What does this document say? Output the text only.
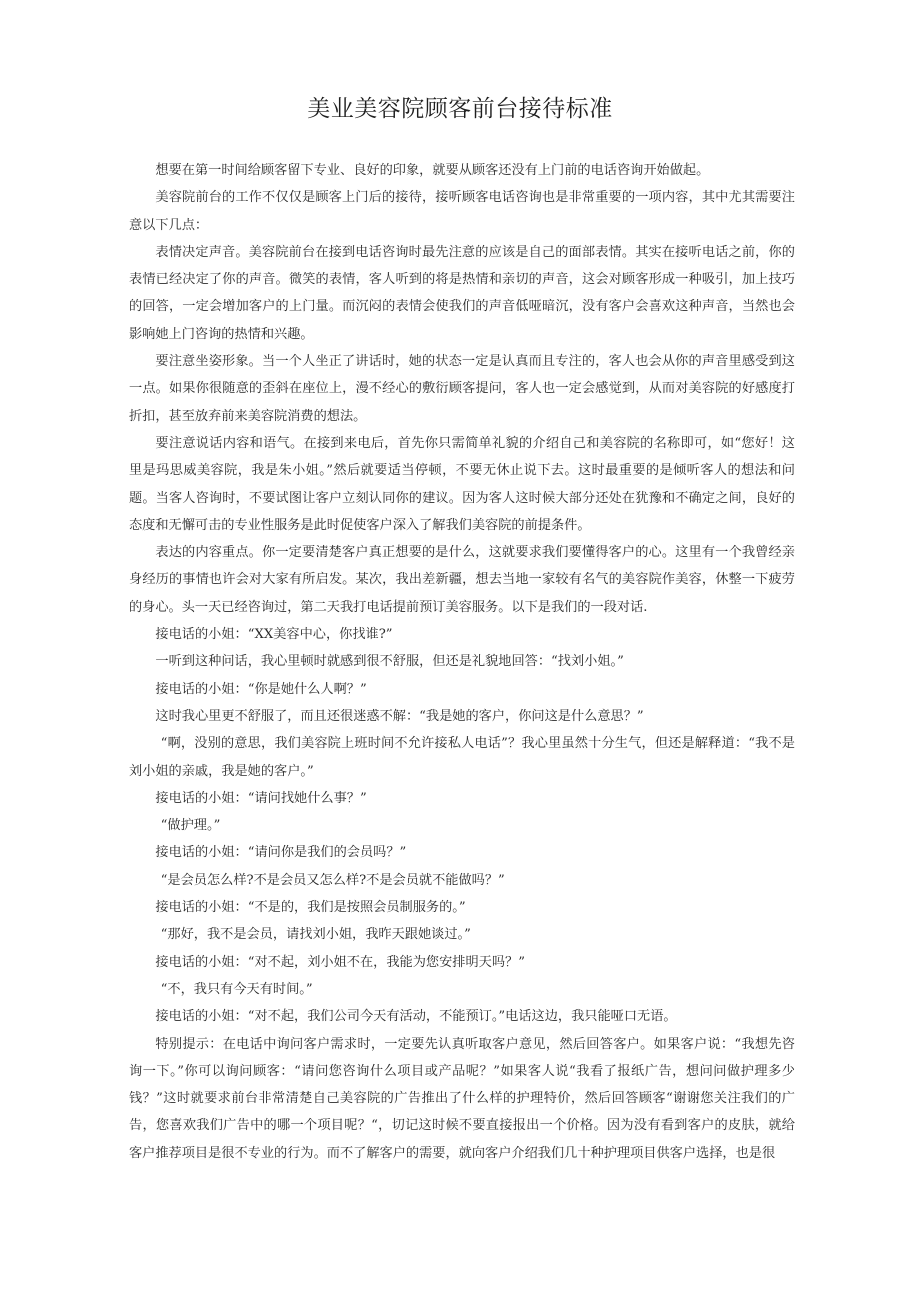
美业美容院顾客前台接待标准

想要在第一时间给顾客留下专业、良好的印象，就要从顾客还没有上门前的电话咨询开始做起。

美容院前台的工作不仅仅是顾客上门后的接待，接听顾客电话咨询也是非常重要的一项内容，其中尤其需要注意以下几点：

表情决定声音。美容院前台在接到电话咨询时最先注意的应该是自己的面部表情。其实在接听电话之前，你的表情已经决定了你的声音。微笑的表情，客人听到的将是热情和亲切的声音，这会对顾客形成一种吸引，加上技巧的回答，一定会增加客户的上门量。而沉闷的表情会使我们的声音低哑暗沉，没有客户会喜欢这种声音，当然也会影响她上门咨询的热情和兴趣。

要注意坐姿形象。当一个人坐正了讲话时，她的状态一定是认真而且专注的，客人也会从你的声音里感受到这一点。如果你很随意的歪斜在座位上，漫不经心的敷衍顾客提问，客人也一定会感觉到，从而对美容院的好感度打折扣，甚至放弃前来美容院消费的想法。

要注意说话内容和语气。在接到来电后，首先你只需简单礼貌的介绍自己和美容院的名称即可，如“您好！这里是玛思威美容院，我是朱小姐。”然后就要适当停顿，不要无休止说下去。这时最重要的是倾听客人的想法和问题。当客人咨询时，不要试图让客户立刻认同你的建议。因为客人这时候大部分还处在犹豫和不确定之间，良好的态度和无懈可击的专业性服务是此时促使客户深入了解我们美容院的前提条件。

表达的内容重点。你一定要清楚客户真正想要的是什么，这就要求我们要懂得客户的心。这里有一个我曾经亲身经历的事情也许会对大家有所启发。某次，我出差新疆，想去当地一家较有名气的美容院作美容，休整一下疲劳的身心。头一天已经咨询过，第二天我打电话提前预订美容服务。以下是我们的一段对话.

接电话的小姐：“XX美容中心，你找谁?”

一听到这种问话，我心里顿时就感到很不舒服，但还是礼貌地回答：“找刘小姐。”

接电话的小姐：“你是她什么人啊？”

这时我心里更不舒服了，而且还很迷惑不解：“我是她的客户，你问这是什么意思？”

“啊，没别的意思，我们美容院上班时间不允许接私人电话”？我心里虽然十分生气，但还是解释道：“我不是刘小姐的亲戚，我是她的客户。”

接电话的小姐：“请问找她什么事？”

“做护理。”

接电话的小姐：“请问你是我们的会员吗？”

“是会员怎么样?不是会员又怎么样?不是会员就不能做吗？”

接电话的小姐：“不是的，我们是按照会员制服务的。”

“那好，我不是会员，请找刘小姐，我昨天跟她谈过。”

接电话的小姐：“对不起，刘小姐不在，我能为您安排明天吗？”

“不，我只有今天有时间。”

接电话的小姐：“对不起，我们公司今天有活动，不能预订。”电话这边，我只能哑口无语。

特别提示：在电话中询问客户需求时，一定要先认真听取客户意见，然后回答客户。如果客户说：“我想先咨询一下。”你可以询问顾客：“请问您咨询什么项目或产品呢？”如果客人说“我看了报纸广告，想问问做护理多少钱？”这时就要求前台非常清楚自己美容院的广告推出了什么样的护理特价，然后回答顾客“谢谢您关注我们的广告，您喜欢我们广告中的哪一个项目呢？“，切记这时候不要直接报出一个价格。因为没有看到客户的皮肤，就给客户推荐项目是很不专业的行为。而不了解客户的需要，就向客户介绍我们几十种护理项目供客户选择，也是很
